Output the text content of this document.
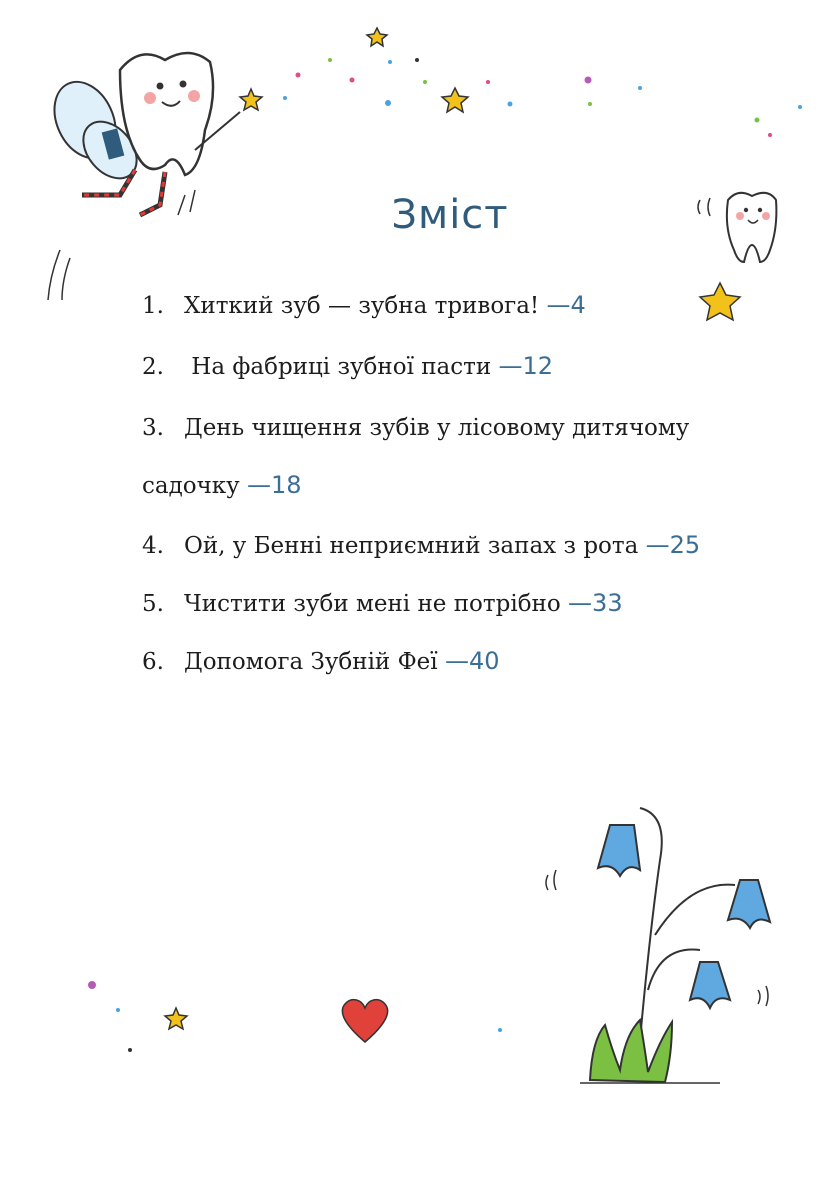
Зміст
1. Хиткий зуб — зубна тривога! —4
2. На фабриці зубної пасти —12
3. День чищення зубів у лісовому дитячому
садочку —18
4. Ой, у Бенні неприємний запах з рота —25
5. Чистити зуби мені не потрібно —33
6. Допомога Зубній Феї —40
